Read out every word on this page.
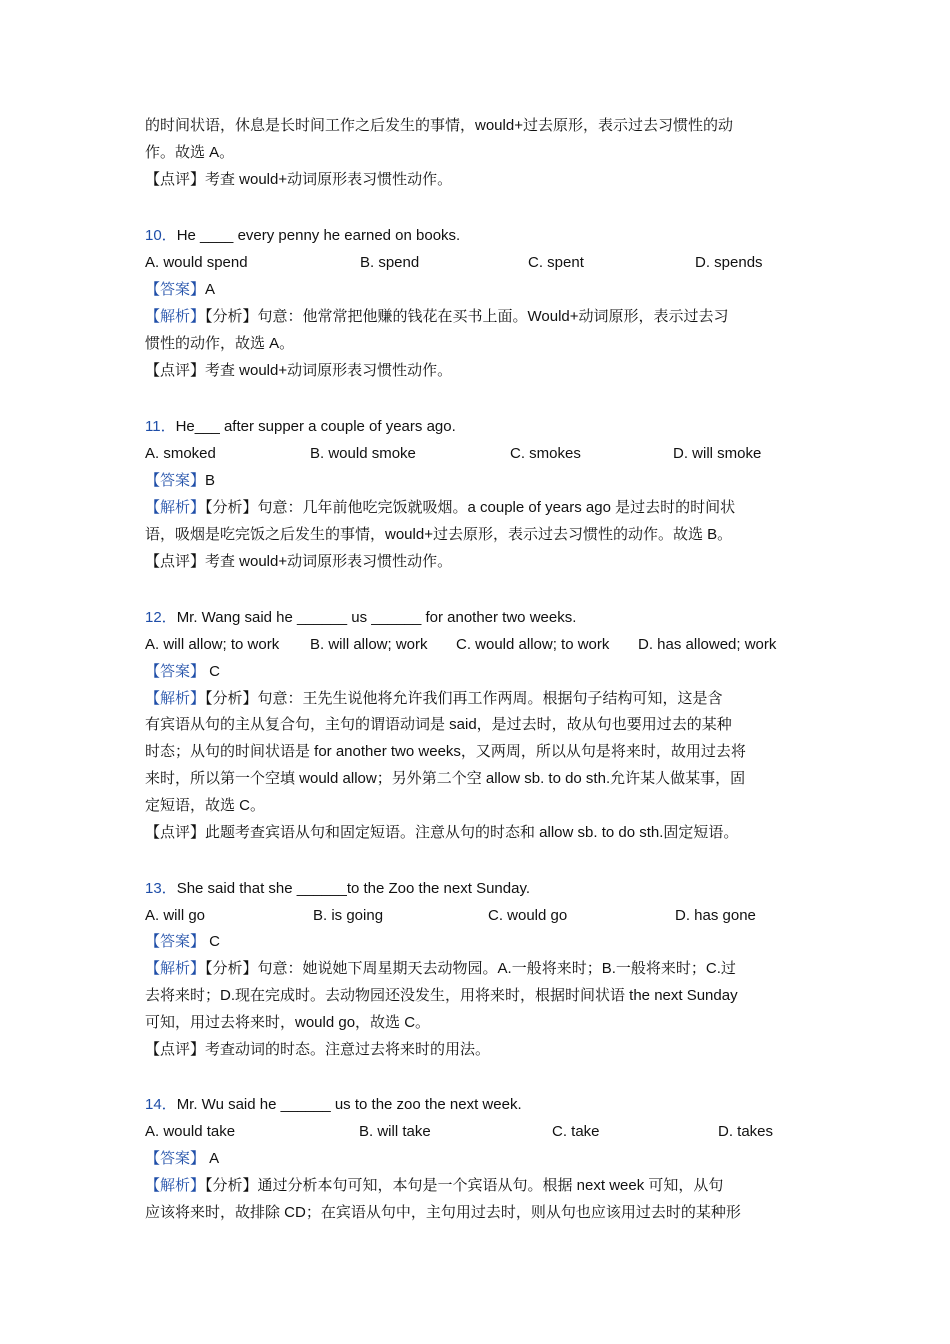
的时间状语，休息是长时间工作之后发生的事情，would+过去原形，表示过去习惯性的动
作。故选 A。
【点评】考查 would+动词原形表习惯性动作。
10．He ____ every penny he earned on books.
A. would spend	B. spend	C. spent	D. spends
【答案】A
【解析】【分析】句意：他常常把他赚的钱花在买书上面。Would+动词原形，表示过去习
惯性的动作，故选 A。
【点评】考查 would+动词原形表习惯性动作。
11．He___ after supper a couple of years ago.
A. smoked	B. would smoke	C. smokes	D. will smoke
【答案】B
【解析】【分析】句意：几年前他吃完饭就吸烟。a couple of years ago 是过去时的时间状
语，吸烟是吃完饭之后发生的事情，would+过去原形，表示过去习惯性的动作。故选 B。
【点评】考查 would+动词原形表习惯性动作。
12．Mr. Wang said he ______ us ______ for another two weeks.
A. will allow; to work B. will allow; work C. would allow; to work D. has allowed; work
【答案】 C
【解析】【分析】句意：王先生说他将允许我们再工作两周。根据句子结构可知，这是含
有宾语从句的主从复合句，主句的谓语动词是 said，是过去时，故从句也要用过去的某种
时态；从句的时间状语是 for another two weeks，又两周，所以从句是将来时，故用过去将
来时，所以第一个空填 would allow；另外第二个空 allow sb. to do sth.允许某人做某事，固
定短语，故选 C。
【点评】此题考查宾语从句和固定短语。注意从句的时态和 allow sb. to do sth.固定短语。
13．She said that she ______to the Zoo the next Sunday.
A. will go	B. is going	C. would go	D. has gone
【答案】 C
【解析】【分析】句意：她说她下周星期天去动物园。A.一般将来时；B.一般将来时；C.过
去将来时；D.现在完成时。去动物园还没发生，用将来时，根据时间状语 the next Sunday
可知，用过去将来时，would go，故选 C。
【点评】考查动词的时态。注意过去将来时的用法。
14．Mr. Wu said he ______ us to the zoo the next week.
A. would take	B. will take	C. take	D. takes
【答案】 A
【解析】【分析】通过分析本句可知，本句是一个宾语从句。根据 next week 可知，从句
应该将来时，故排除 CD；在宾语从句中，主句用过去时，则从句也应该用过去时的某种形
